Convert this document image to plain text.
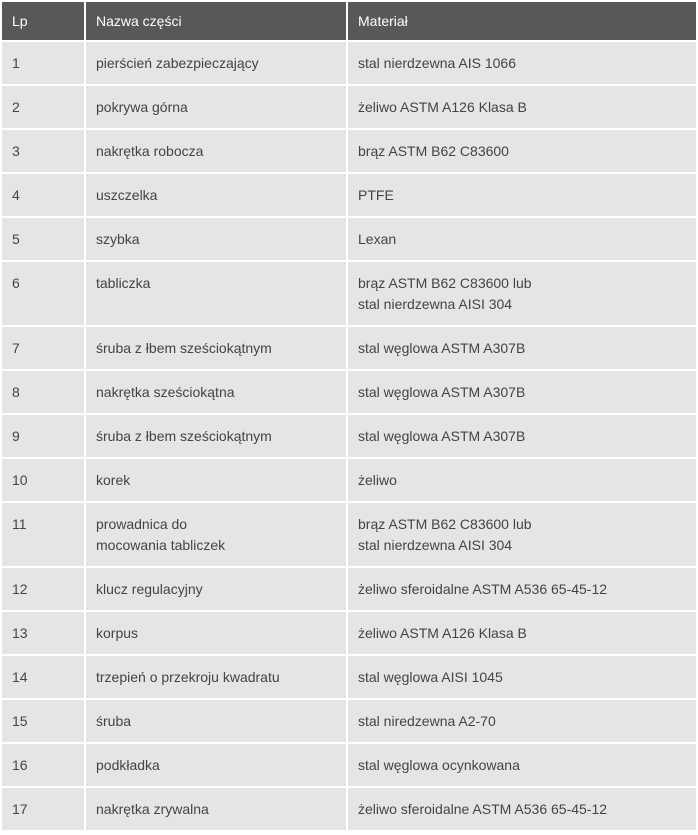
Lp	Nazwa części	Materiał
1	pierścień zabezpieczający	stal nierdzewna AIS 1066

2	pokrywa górna	żeliwo ASTM A126 Klasa B

3	nakrętka robocza	brąz ASTM B62 C83600

4	uszczelka	PTFE

5	szybka	Lexan

6	tabliczka	brąz ASTM B62 C83600 lub
stal nierdzewna AISI 304

7	śruba z łbem sześciokątnym	stal węglowa ASTM A307B

8	nakrętka sześciokątna	stal węglowa ASTM A307B

9	śruba z łbem sześciokątnym	stal węglowa ASTM A307B

10	korek	żeliwo

11	prowadnica do
mocowania tabliczek	brąz ASTM B62 C83600 lub
stal nierdzewna AISI 304

12	klucz regulacyjny	żeliwo sferoidalne ASTM A536 65-45-12

13	korpus	żeliwo ASTM A126 Klasa B

14	trzepień o przekroju kwadratu	stal węglowa AISI 1045

15	śruba	stal niredzewna A2-70

16	podkładka	stal węglowa ocynkowana

17	nakrętka zrywalna	żeliwo sferoidalne ASTM A536 65-45-12
